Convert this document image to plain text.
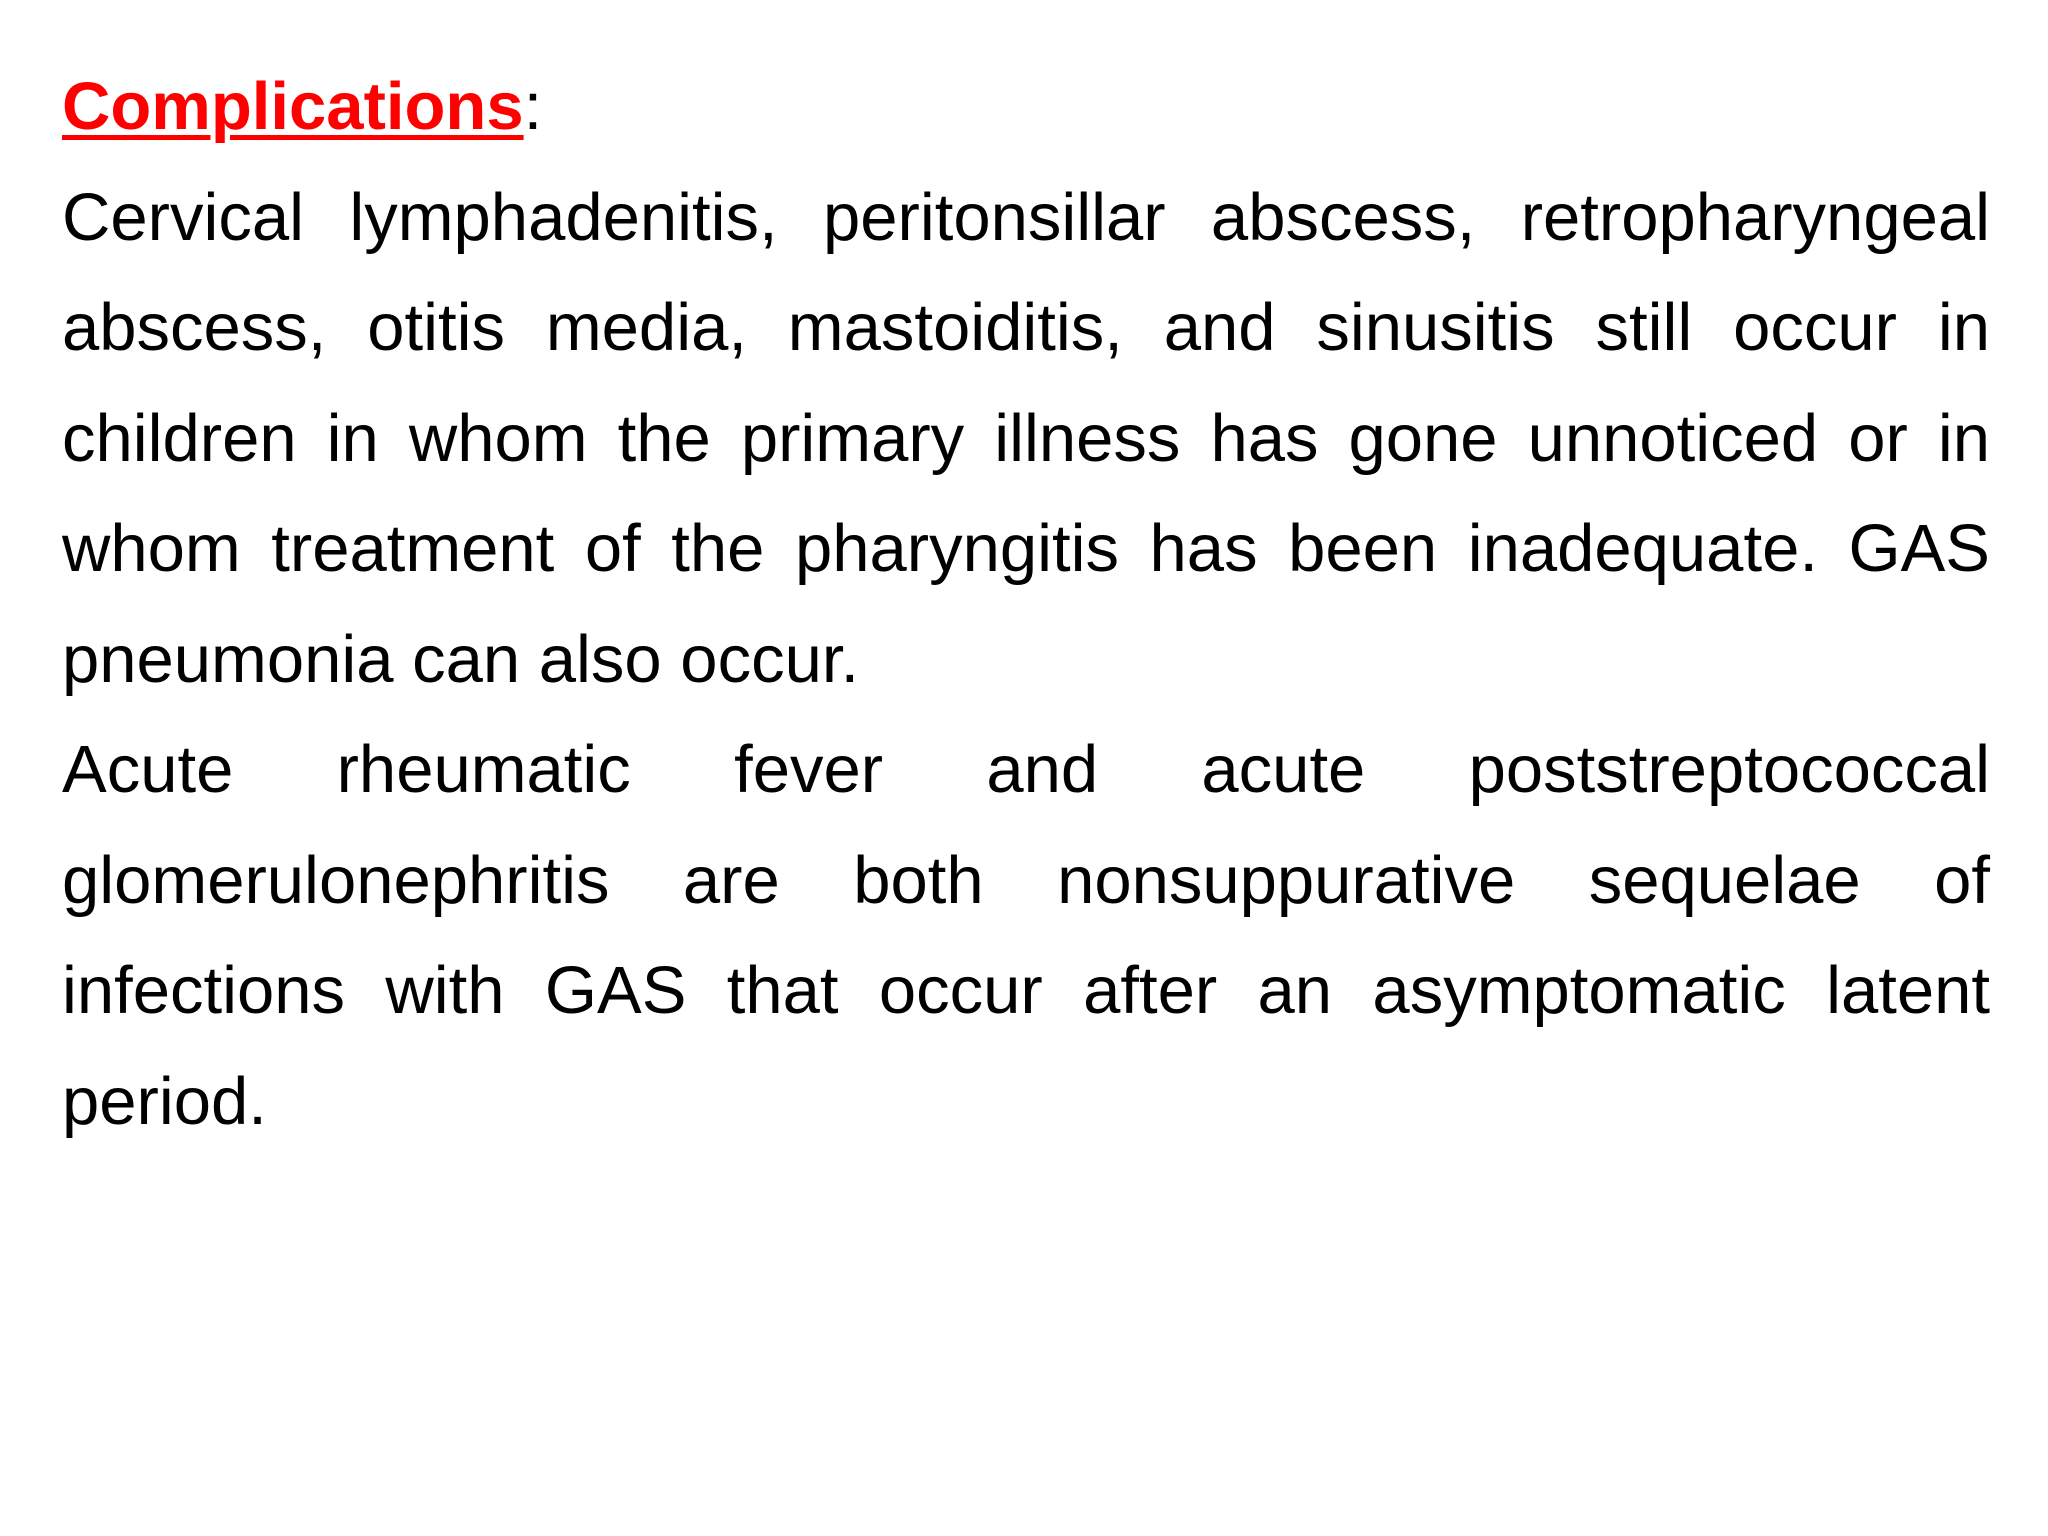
Complications:

Cervical lymphadenitis, peritonsillar abscess, retropharyngeal abscess, otitis media, mastoiditis, and sinusitis still occur in children in whom the primary illness has gone unnoticed or in whom treatment of the pharyngitis has been inadequate. GAS pneumonia can also occur.

Acute rheumatic fever and acute poststreptococcal glomerulonephritis are both nonsuppurative sequelae of infections with GAS that occur after an asymptomatic latent period.
